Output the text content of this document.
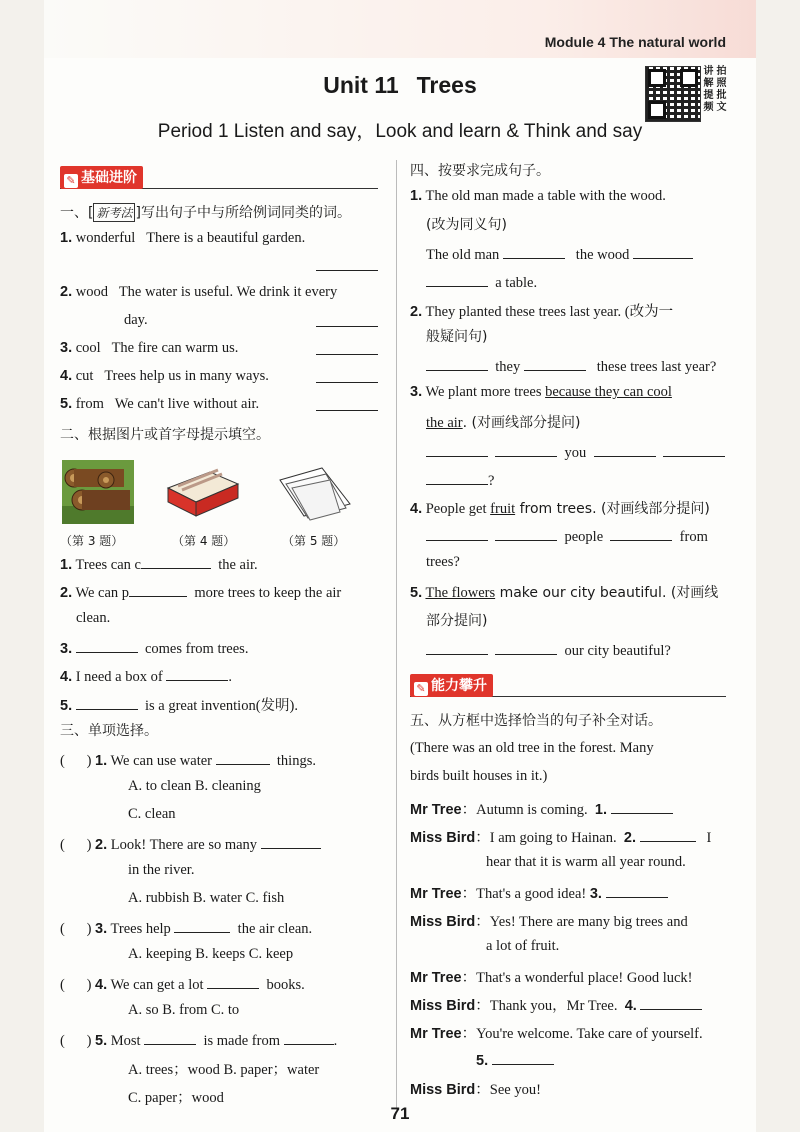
Module 4 The natural world
Unit 11 Trees
讲 拍
解 照
提 批
频 文
Period 1 Listen and say，Look and learn & Think and say
✎ 基础进阶
一、[ 新考法 ]写出句子中与所给例词同类的词。
1. wonderful There is a beautiful garden.
2. wood The water is useful. We drink it every
day.
3. cool The fire can warm us.
4. cut Trees help us in many ways.
5. from We can't live without air.
二、根据图片或首字母提示填空。
（第 3 题）	（第 4 题）	（第 5 题）
1. Trees can c	the air.
2. We can p	more trees to keep the air
clean.
3.	comes from trees.
4. I need a box of	.
5.	is a great invention(发明).
三、单项选择。
(      ) 1. We can use water	things.
A. to clean B. cleaning
C. clean
(      ) 2. Look! There are so many
in the river.
A. rubbish B. water C. fish
(      ) 3. Trees help	the air clean.
A. keeping B. keeps C. keep
(      ) 4. We can get a lot	books.
A. so B. from C. to
(      ) 5. Most	is made from	.
A. trees；wood B. paper；water
C. paper；wood
四、按要求完成句子。
1. The old man made a table with the wood.
(改为同义句)
The old man	the wood
a table.
2. They planted these trees last year. (改为一
般疑问句)
they	these trees last year?
3. We plant more trees because they can cool
the air. (对画线部分提问)
you
?
4. People get fruit from trees. (对画线部分提问)
people	from
trees?
5. The flowers make our city beautiful. (对画线
部分提问)
our city beautiful?
✎ 能力攀升
五、从方框中选择恰当的句子补全对话。
(There was an old tree in the forest. Many
birds built houses in it.)
Mr Tree：Autumn is coming. 1.
Miss Bird：I am going to Hainan. 2.	I
hear that it is warm all year round.
Mr Tree：That's a good idea! 3.
Miss Bird：Yes! There are many big trees and
a lot of fruit.
Mr Tree：That's a wonderful place! Good luck!
Miss Bird：Thank you，Mr Tree. 4.
Mr Tree：You're welcome. Take care of yourself.
5.
Miss Bird：See you!
71
